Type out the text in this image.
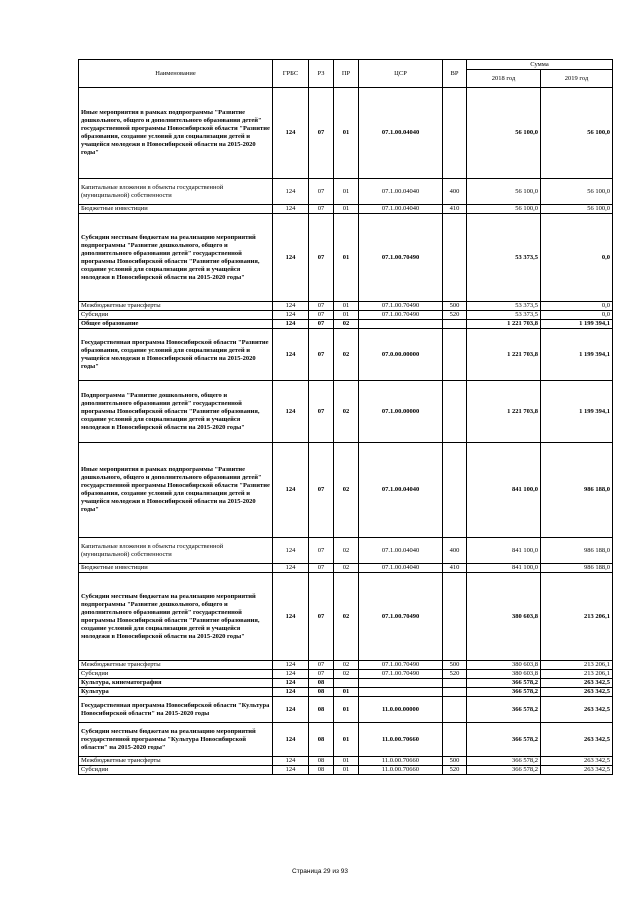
Наименование	ГРБС	РЗ	ПР	ЦСР	ВР	Сумма	
						2018 год	2019 год
Иные мероприятия в рамках подпрограммы "Развитие дошкольного, общего и дополнительного образования детей" государственной программы Новосибирской области "Развитие образования, создание условий для социализации детей и учащейся молодежи в Новосибирской области на 2015-2020 годы"	124	07	01	07.1.00.04040		56 100,0	56 100,0
Капитальные вложения в объекты государственной (муниципальной) собственности	124	07	01	07.1.00.04040	400	56 100,0	56 100,0
Бюджетные инвестиции	124	07	01	07.1.00.04040	410	56 100,0	56 100,0
Субсидии местным бюджетам на реализацию мероприятий подпрограммы "Развитие дошкольного, общего и дополнительного образования детей" государственной программы Новосибирской области "Развитие образования, создание условий для социализации детей и учащейся молодежи в Новосибирской области на 2015-2020 годы"	124	07	01	07.1.00.70490		53 373,5	0,0
Межбюджетные трансферты	124	07	01	07.1.00.70490	500	53 373,5	0,0
Субсидии	124	07	01	07.1.00.70490	520	53 373,5	0,0
Общее образование	124	07	02			1 221 703,8	1 199 394,1
Государственная программа Новосибирской области "Развитие образования, создание условий для социализации детей и учащейся молодежи в Новосибирской области на 2015-2020 годы"	124	07	02	07.0.00.00000		1 221 703,8	1 199 394,1
Подпрограмма "Развитие дошкольного, общего и дополнительного образования детей" государственной программы Новосибирской области "Развитие образования, создание условий для социализации детей и учащейся молодежи в Новосибирской области на 2015-2020 годы"	124	07	02	07.1.00.00000		1 221 703,8	1 199 394,1
Иные мероприятия в рамках подпрограммы "Развитие дошкольного, общего и дополнительного образования детей" государственной программы Новосибирской области "Развитие образования, создание условий для социализации детей и учащейся молодежи в Новосибирской области на 2015-2020 годы"	124	07	02	07.1.00.04040		841 100,0	986 188,0
Капитальные вложения в объекты государственной (муниципальной) собственности	124	07	02	07.1.00.04040	400	841 100,0	986 188,0
Бюджетные инвестиции	124	07	02	07.1.00.04040	410	841 100,0	986 188,0
Субсидии местным бюджетам на реализацию мероприятий подпрограммы "Развитие дошкольного, общего и дополнительного образования детей" государственной программы Новосибирской области "Развитие образования, создание условий для социализации детей и учащейся молодежи в Новосибирской области на 2015-2020 годы"	124	07	02	07.1.00.70490		380 603,8	213 206,1
Межбюджетные трансферты	124	07	02	07.1.00.70490	500	380 603,8	213 206,1
Субсидии	124	07	02	07.1.00.70490	520	380 603,8	213 206,1
Культура, кинематография	124	08				366 578,2	263 342,5
Культура	124	08	01			366 578,2	263 342,5
Государственная программа Новосибирской области "Культура Новосибирской области" на 2015-2020 годы	124	08	01	11.0.00.00000		366 578,2	263 342,5
Субсидии местным бюджетам на реализацию мероприятий государственной программы "Культура Новосибирской области" на 2015-2020 годы"	124	08	01	11.0.00.70660		366 578,2	263 342,5
Межбюджетные трансферты	124	08	01	11.0.00.70660	500	366 578,2	263 342,5
Субсидии	124	08	01	11.0.00.70660	520	366 578,2	263 342,5
Страница 29 из 93
